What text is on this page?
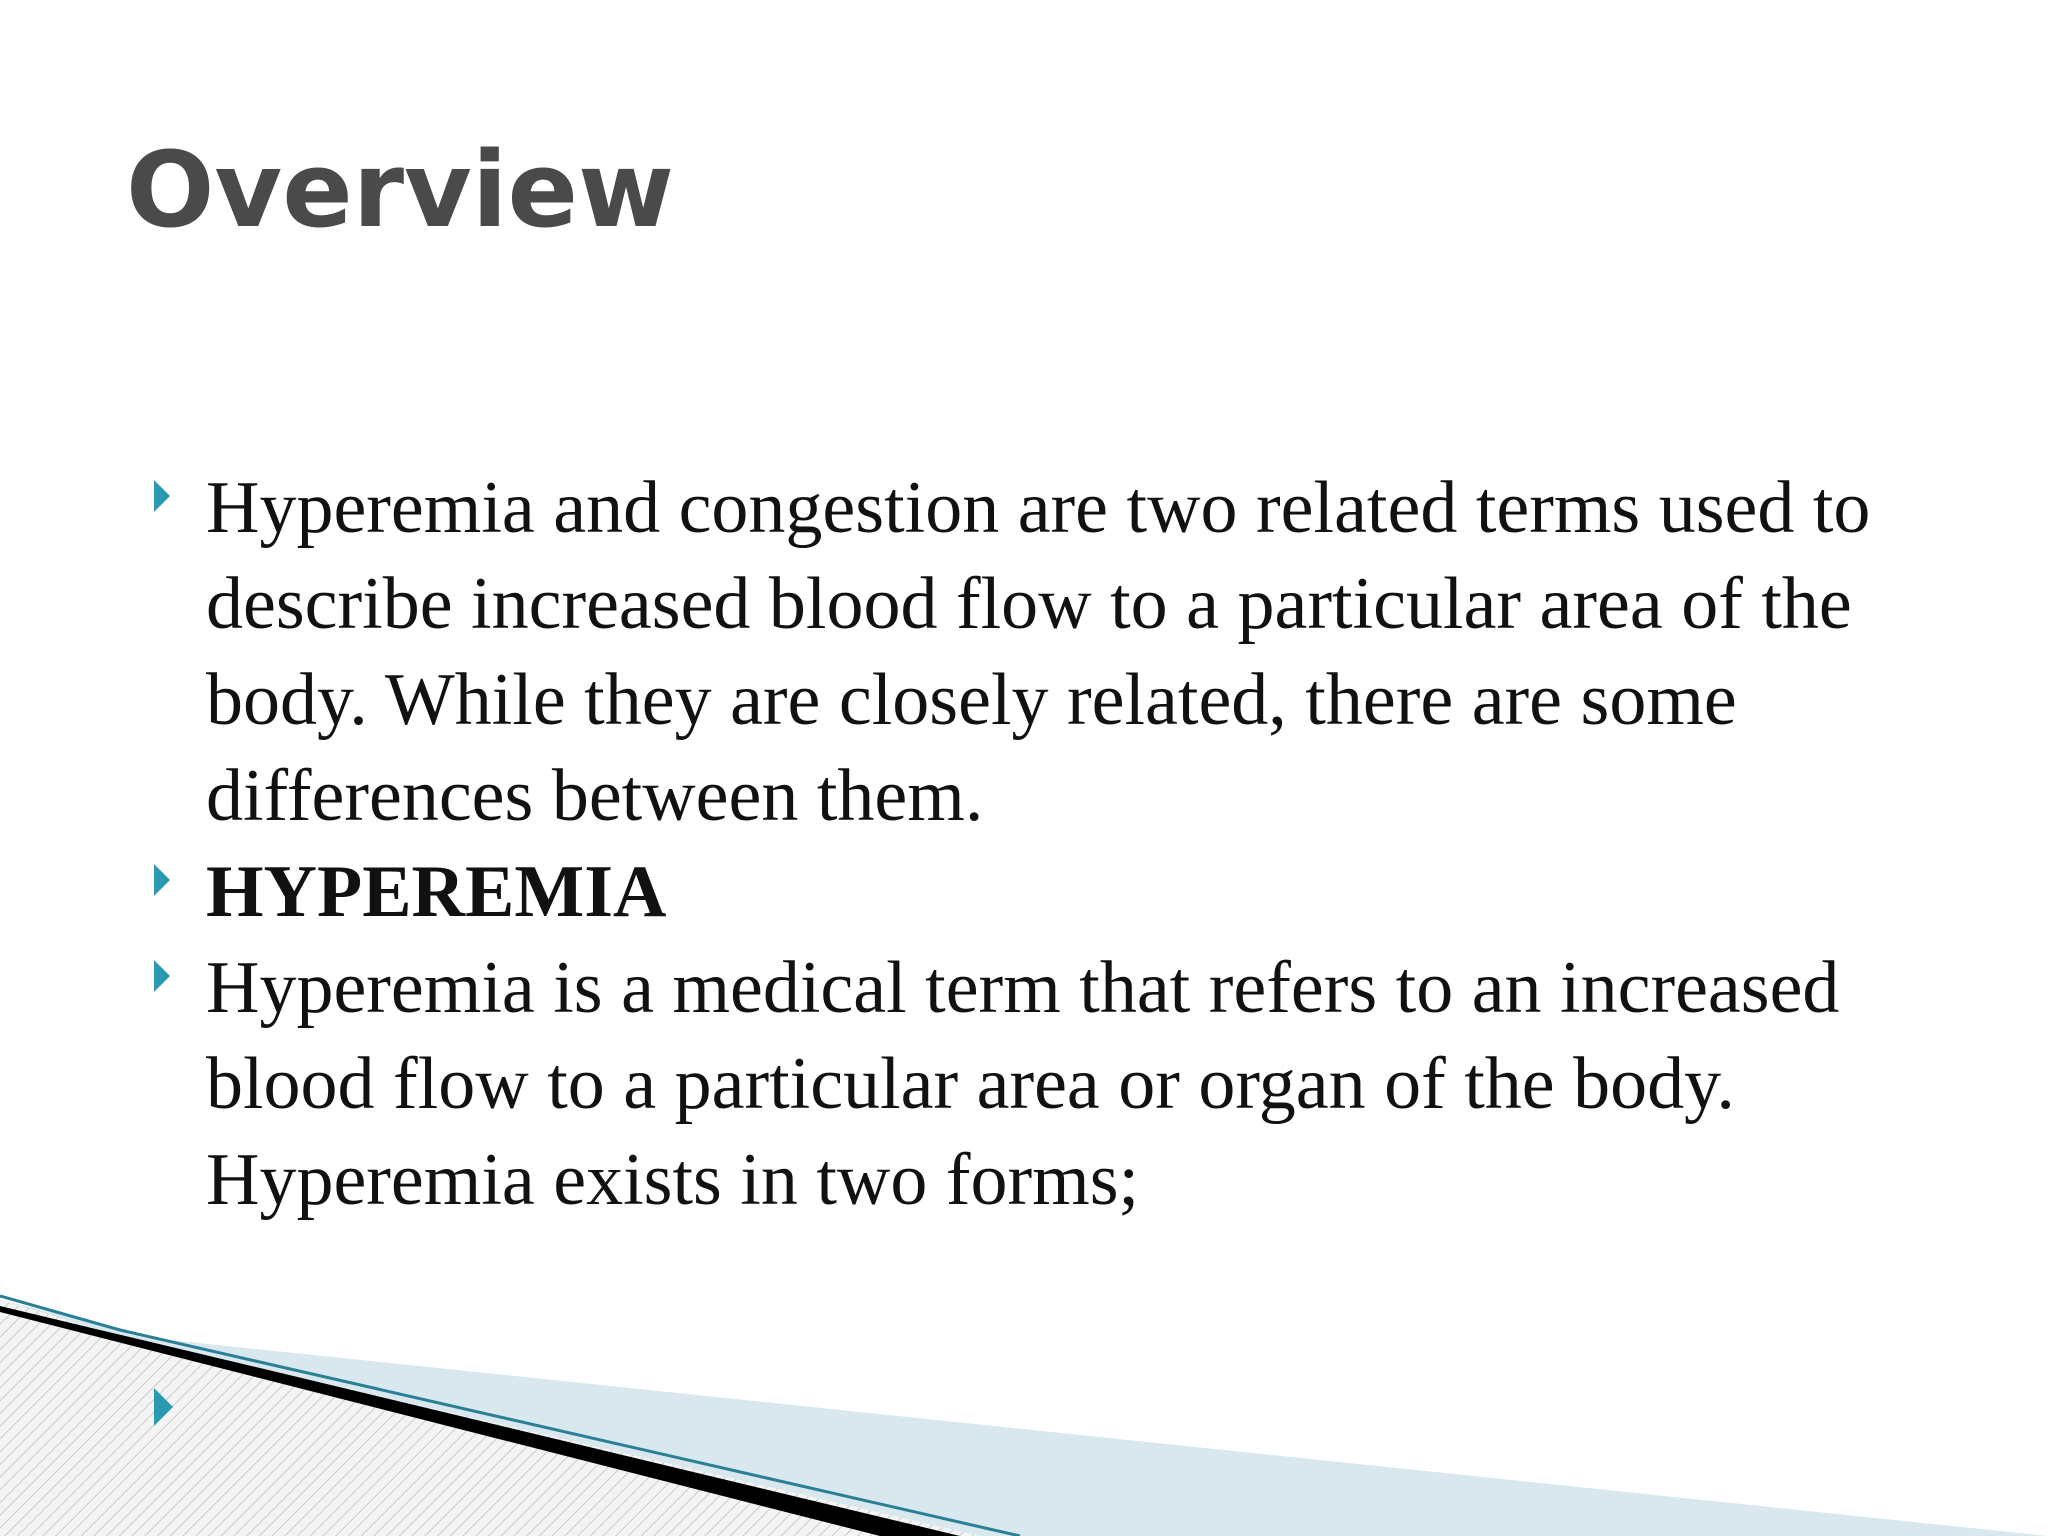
Overview
Hyperemia and congestion are two related terms used to describe increased blood flow to a particular area of the body. While they are closely related, there are some differences between them.
HYPEREMIA
Hyperemia is a medical term that refers to an increased blood flow to a particular area or organ of the body. Hyperemia exists in two forms;
